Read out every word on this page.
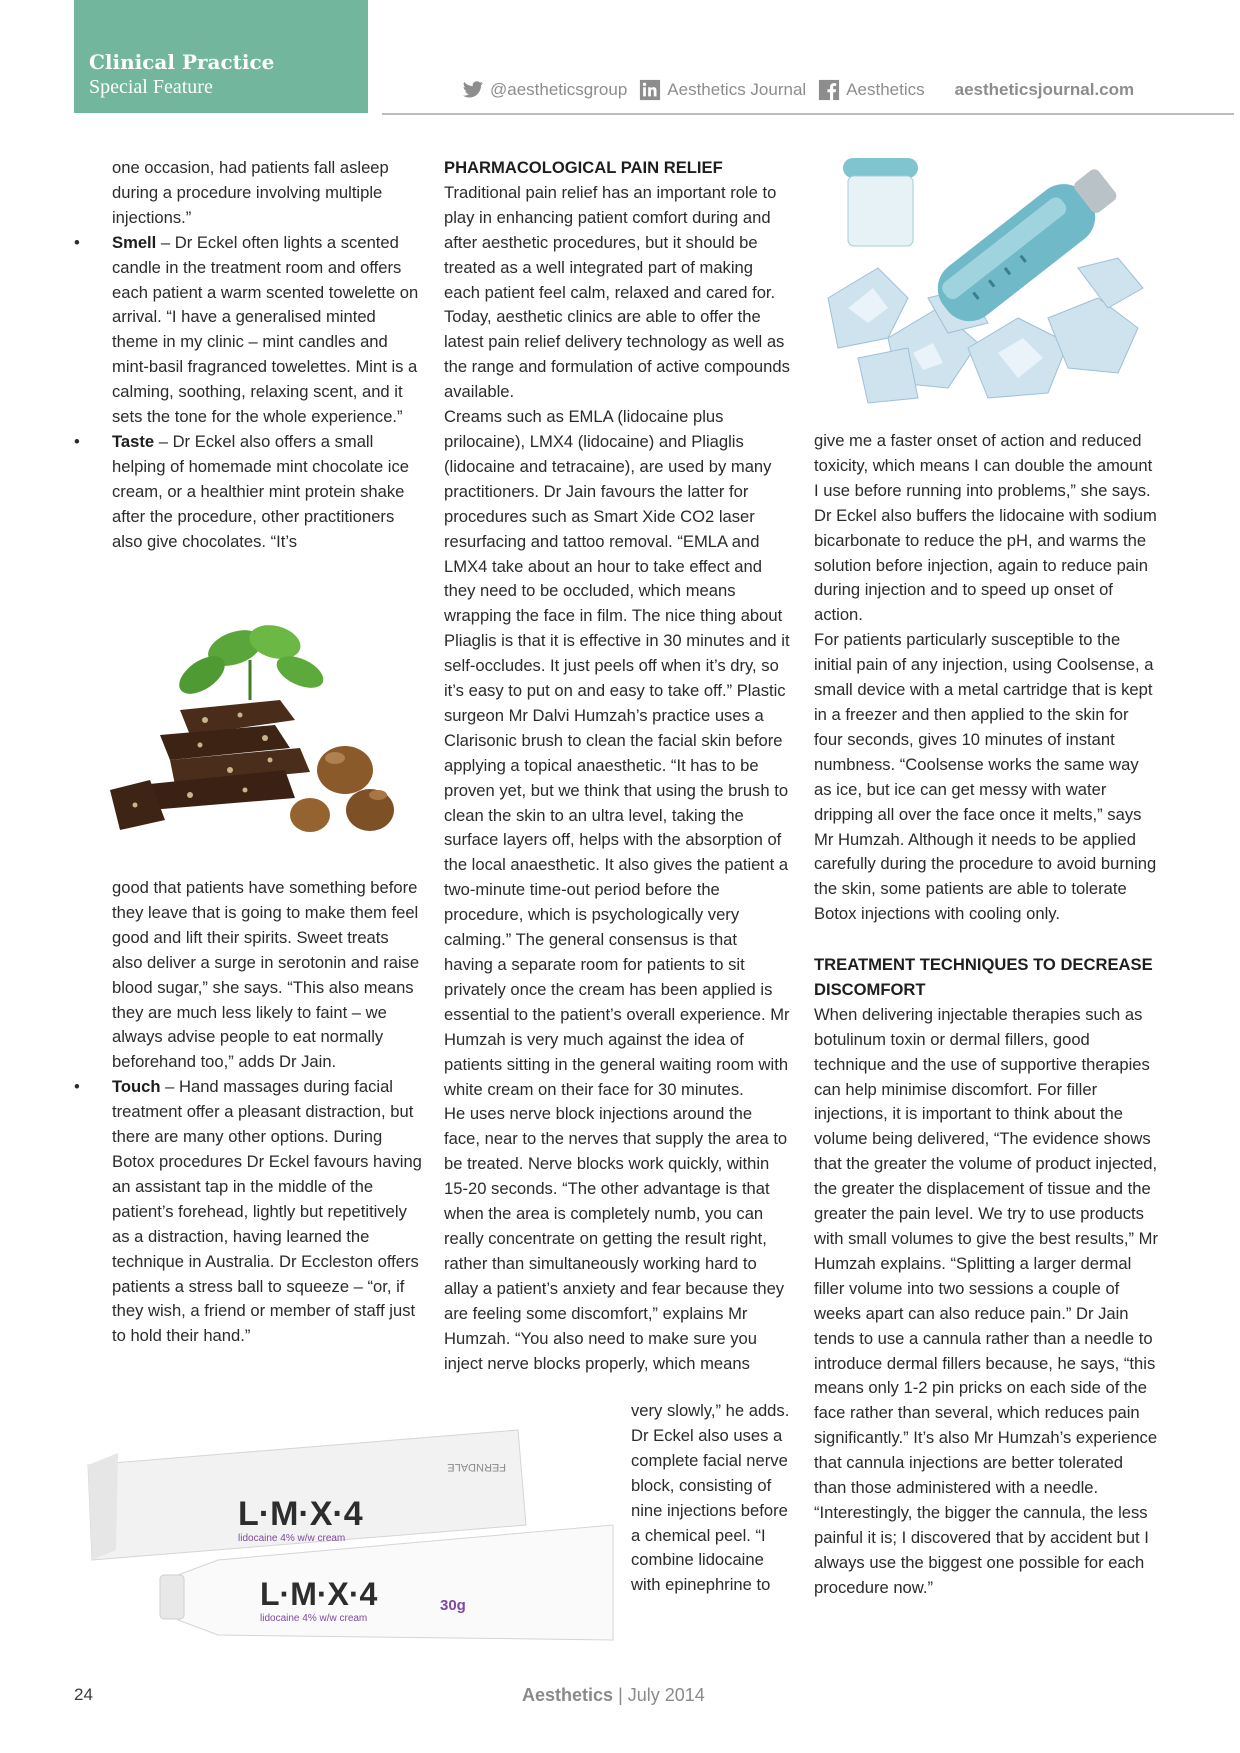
Clinical Practice
Special Feature	@aestheticsgroup Aesthetics Journal Aesthetics aestheticsjournal.com

one occasion, had patients fall asleep during a procedure involving multiple injections.”

• Smell – Dr Eckel often lights a scented candle in the treatment room and offers each patient a warm scented towelette on arrival. “I have a generalised minted theme in my clinic – mint candles and mint-basil fragranced towelettes. Mint is a calming, soothing, relaxing scent, and it sets the tone for the whole experience.”

• Taste – Dr Eckel also offers a small helping of homemade mint chocolate ice cream, or a healthier mint protein shake after the procedure, other practitioners also give chocolates. “It’s

good that patients have something before they leave that is going to make them feel good and lift their spirits. Sweet treats also deliver a surge in serotonin and raise blood sugar,” she says. “This also means they are much less likely to faint – we always advise people to eat normally beforehand too,” adds Dr Jain.

• Touch – Hand massages during facial treatment offer a pleasant distraction, but there are many other options. During Botox procedures Dr Eckel favours having an assistant tap in the middle of the patient’s forehead, lightly but repetitively as a distraction, having learned the technique in Australia. Dr Eccleston offers patients a stress ball to squeeze – “or, if they wish, a friend or member of staff just to hold their hand.”

PHARMACOLOGICAL PAIN RELIEF

Traditional pain relief has an important role to play in enhancing patient comfort during and after aesthetic procedures, but it should be treated as a well integrated part of making each patient feel calm, relaxed and cared for. Today, aesthetic clinics are able to offer the latest pain relief delivery technology as well as the range and formulation of active compounds available.

Creams such as EMLA (lidocaine plus prilocaine), LMX4 (lidocaine) and Pliaglis (lidocaine and tetracaine), are used by many practitioners. Dr Jain favours the latter for procedures such as Smart Xide CO2 laser resurfacing and tattoo removal. “EMLA and LMX4 take about an hour to take effect and they need to be occluded, which means wrapping the face in film. The nice thing about Pliaglis is that it is effective in 30 minutes and it self-occludes. It just peels off when it’s dry, so it’s easy to put on and easy to take off.” Plastic surgeon Mr Dalvi Humzah’s practice uses a Clarisonic brush to clean the facial skin before applying a topical anaesthetic. “It has to be proven yet, but we think that using the brush to clean the skin to an ultra level, taking the surface layers off, helps with the absorption of the local anaesthetic. It also gives the patient a two-minute time-out period before the procedure, which is psychologically very calming.” The general consensus is that having a separate room for patients to sit privately once the cream has been applied is essential to the patient’s overall experience. Mr Humzah is very much against the idea of patients sitting in the general waiting room with white cream on their face for 30 minutes.

He uses nerve block injections around the face, near to the nerves that supply the area to be treated. Nerve blocks work quickly, within 15-20 seconds. “The other advantage is that when the area is completely numb, you can really concentrate on getting the result right, rather than simultaneously working hard to allay a patient’s anxiety and fear because they are feeling some discomfort,” explains Mr Humzah. “You also need to make sure you inject nerve blocks properly, which means

very slowly,” he adds.

Dr Eckel also uses a complete facial nerve block, consisting of nine injections before a chemical peel. “I combine lidocaine with epinephrine to

give me a faster onset of action and reduced toxicity, which means I can double the amount I use before running into problems,” she says. Dr Eckel also buffers the lidocaine with sodium bicarbonate to reduce the pH, and warms the solution before injection, again to reduce pain during injection and to speed up onset of action.

For patients particularly susceptible to the initial pain of any injection, using Coolsense, a small device with a metal cartridge that is kept in a freezer and then applied to the skin for four seconds, gives 10 minutes of instant numbness. “Coolsense works the same way as ice, but ice can get messy with water dripping all over the face once it melts,” says Mr Humzah. Although it needs to be applied carefully during the procedure to avoid burning the skin, some patients are able to tolerate Botox injections with cooling only.

TREATMENT TECHNIQUES TO DECREASE DISCOMFORT

When delivering injectable therapies such as botulinum toxin or dermal fillers, good technique and the use of supportive therapies can help minimise discomfort. For filler injections, it is important to think about the volume being delivered, “The evidence shows that the greater the volume of product injected, the greater the displacement of tissue and the greater the pain level. We try to use products with small volumes to give the best results,” Mr Humzah explains. “Splitting a larger dermal filler volume into two sessions a couple of weeks apart can also reduce pain.” Dr Jain tends to use a cannula rather than a needle to introduce dermal fillers because, he says, “this means only 1-2 pin pricks on each side of the face rather than several, which reduces pain significantly.” It’s also Mr Humzah’s experience that cannula injections are better tolerated than those administered with a needle. “Interestingly, the bigger the cannula, the less painful it is; I discovered that by accident but I always use the biggest one possible for each procedure now.”

L·M·X·4
lidocaine 4% w/w cream
FERNDALE
L·M·X·4
lidocaine 4% w/w cream
30g
24	Aesthetics | July 2014
